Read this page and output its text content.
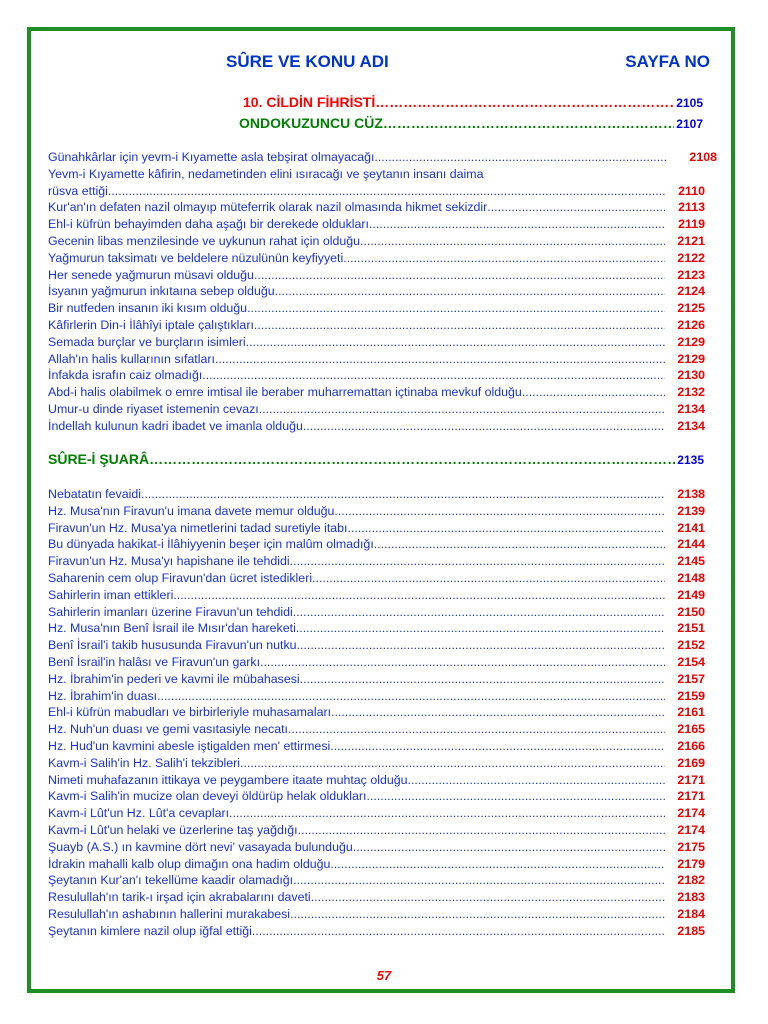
SÛRE VE KONU ADI	SAYFA NO
10. CİLDİN FİHRİSTİ ……………………………………………………………………………………………………………………………………………………	2105
ONDOKUZUNCU CÜZ ……………………………………………………………………………………………………………………………………………………	2107
Günahkârlar için yevm-i Kıyamette asla tebşirat olmayacağı .....	2108
Yevm-i Kıyamette kâfirin, nedametinden elini ısıracağı ve şeytanın insanı daima
rüsva ettiği .....	2110
Kur'an'ın defaten nazil olmayıp müteferrik olarak nazil olmasında hikmet sekizdir .....	2113
Ehl-i küfrün behayimden daha aşağı bir derekede oldukları .....	2119
Gecenin libas menzilesinde ve uykunun rahat için olduğu .....	2121
Yağmurun taksimatı ve beldelere nüzulünün keyfiyyeti .....	2122
Her senede yağmurun müsavi olduğu .....	2123
İsyanın yağmurun inkıtaına sebep olduğu .....	2124
Bir nutfeden insanın iki kısım olduğu .....	2125
Kâfirlerin Din-i İlâhîyi iptale çalıştıkları .....	2126
Semada burçlar ve burçların isimleri .....	2129
Allah'ın halis kullarının sıfatları .....	2129
İnfakda israfın caiz olmadığı .....	2130
Abd-i halis olabilmek o emre imtisal ile beraber muharremattan içtinaba mevkuf olduğu .....	2132
Umur-u dinde riyaset istemenin cevazı .....	2134
İndellah kulunun kadri ibadet ve imanla olduğu .....	2134
SÛRE-İ ŞUARÂ ……………………………………………………………………………………………………………………………………………………	2135
Nebatatın fevaidi .....	2138
Hz. Musa'nın Firavun'u imana davete memur olduğu .....	2139
Firavun'un Hz. Musa'ya nimetlerini tadad suretiyle itabı .....	2141
Bu dünyada hakikat-i İlâhiyyenin beşer için malûm olmadığı .....	2144
Firavun'un Hz. Musa'yı hapishane ile tehdidi .....	2145
Saharenin cem olup Firavun'dan ücret istedikleri .....	2148
Sahirlerin iman ettikleri .....	2149
Sahirlerin imanları üzerine Firavun'un tehdidi .....	2150
Hz. Musa'nın Benî İsrail ile Mısır'dan hareketi .....	2151
Benî İsrail'i takib hususunda Firavun'un nutku .....	2152
Benî İsrail'in halâsı ve Firavun'un garkı .....	2154
Hz. İbrahim'in pederi ve kavmi ile mübahasesi .....	2157
Hz. İbrahim'in duası .....	2159
Ehl-i küfrün mabudları ve birbirleriyle muhasamaları .....	2161
Hz. Nuh'un duası ve gemi vasıtasiyle necatı .....	2165
Hz. Hud'un kavmini abesle iştigalden men' ettirmesi .....	2166
Kavm-i Salih'in Hz. Salih'i tekzibleri .....	2169
Nimeti muhafazanın ittikaya ve peygambere itaate muhtaç olduğu .....	2171
Kavm-i Salih'in mucize olan deveyi öldürüp helak oldukları .....	2171
Kavm-i Lût'un Hz. Lût'a cevapları .....	2174
Kavm-i Lût'un helaki ve üzerlerine taş yağdığı .....	2174
Şuayb (A.S.) ın kavmine dört nevi' vasayada bulunduğu .....	2175
İdrakin mahalli kalb olup dimağın ona hadim olduğu .....	2179
Şeytanın Kur'an'ı tekellüme kaadir olamadığı .....	2182
Resulullah'ın tarik-ı irşad için akrabalarını daveti .....	2183
Resulullah'ın ashabının hallerini murakabesi .....	2184
Şeytanın kimlere nazil olup iğfal ettiği .....	2185
57
